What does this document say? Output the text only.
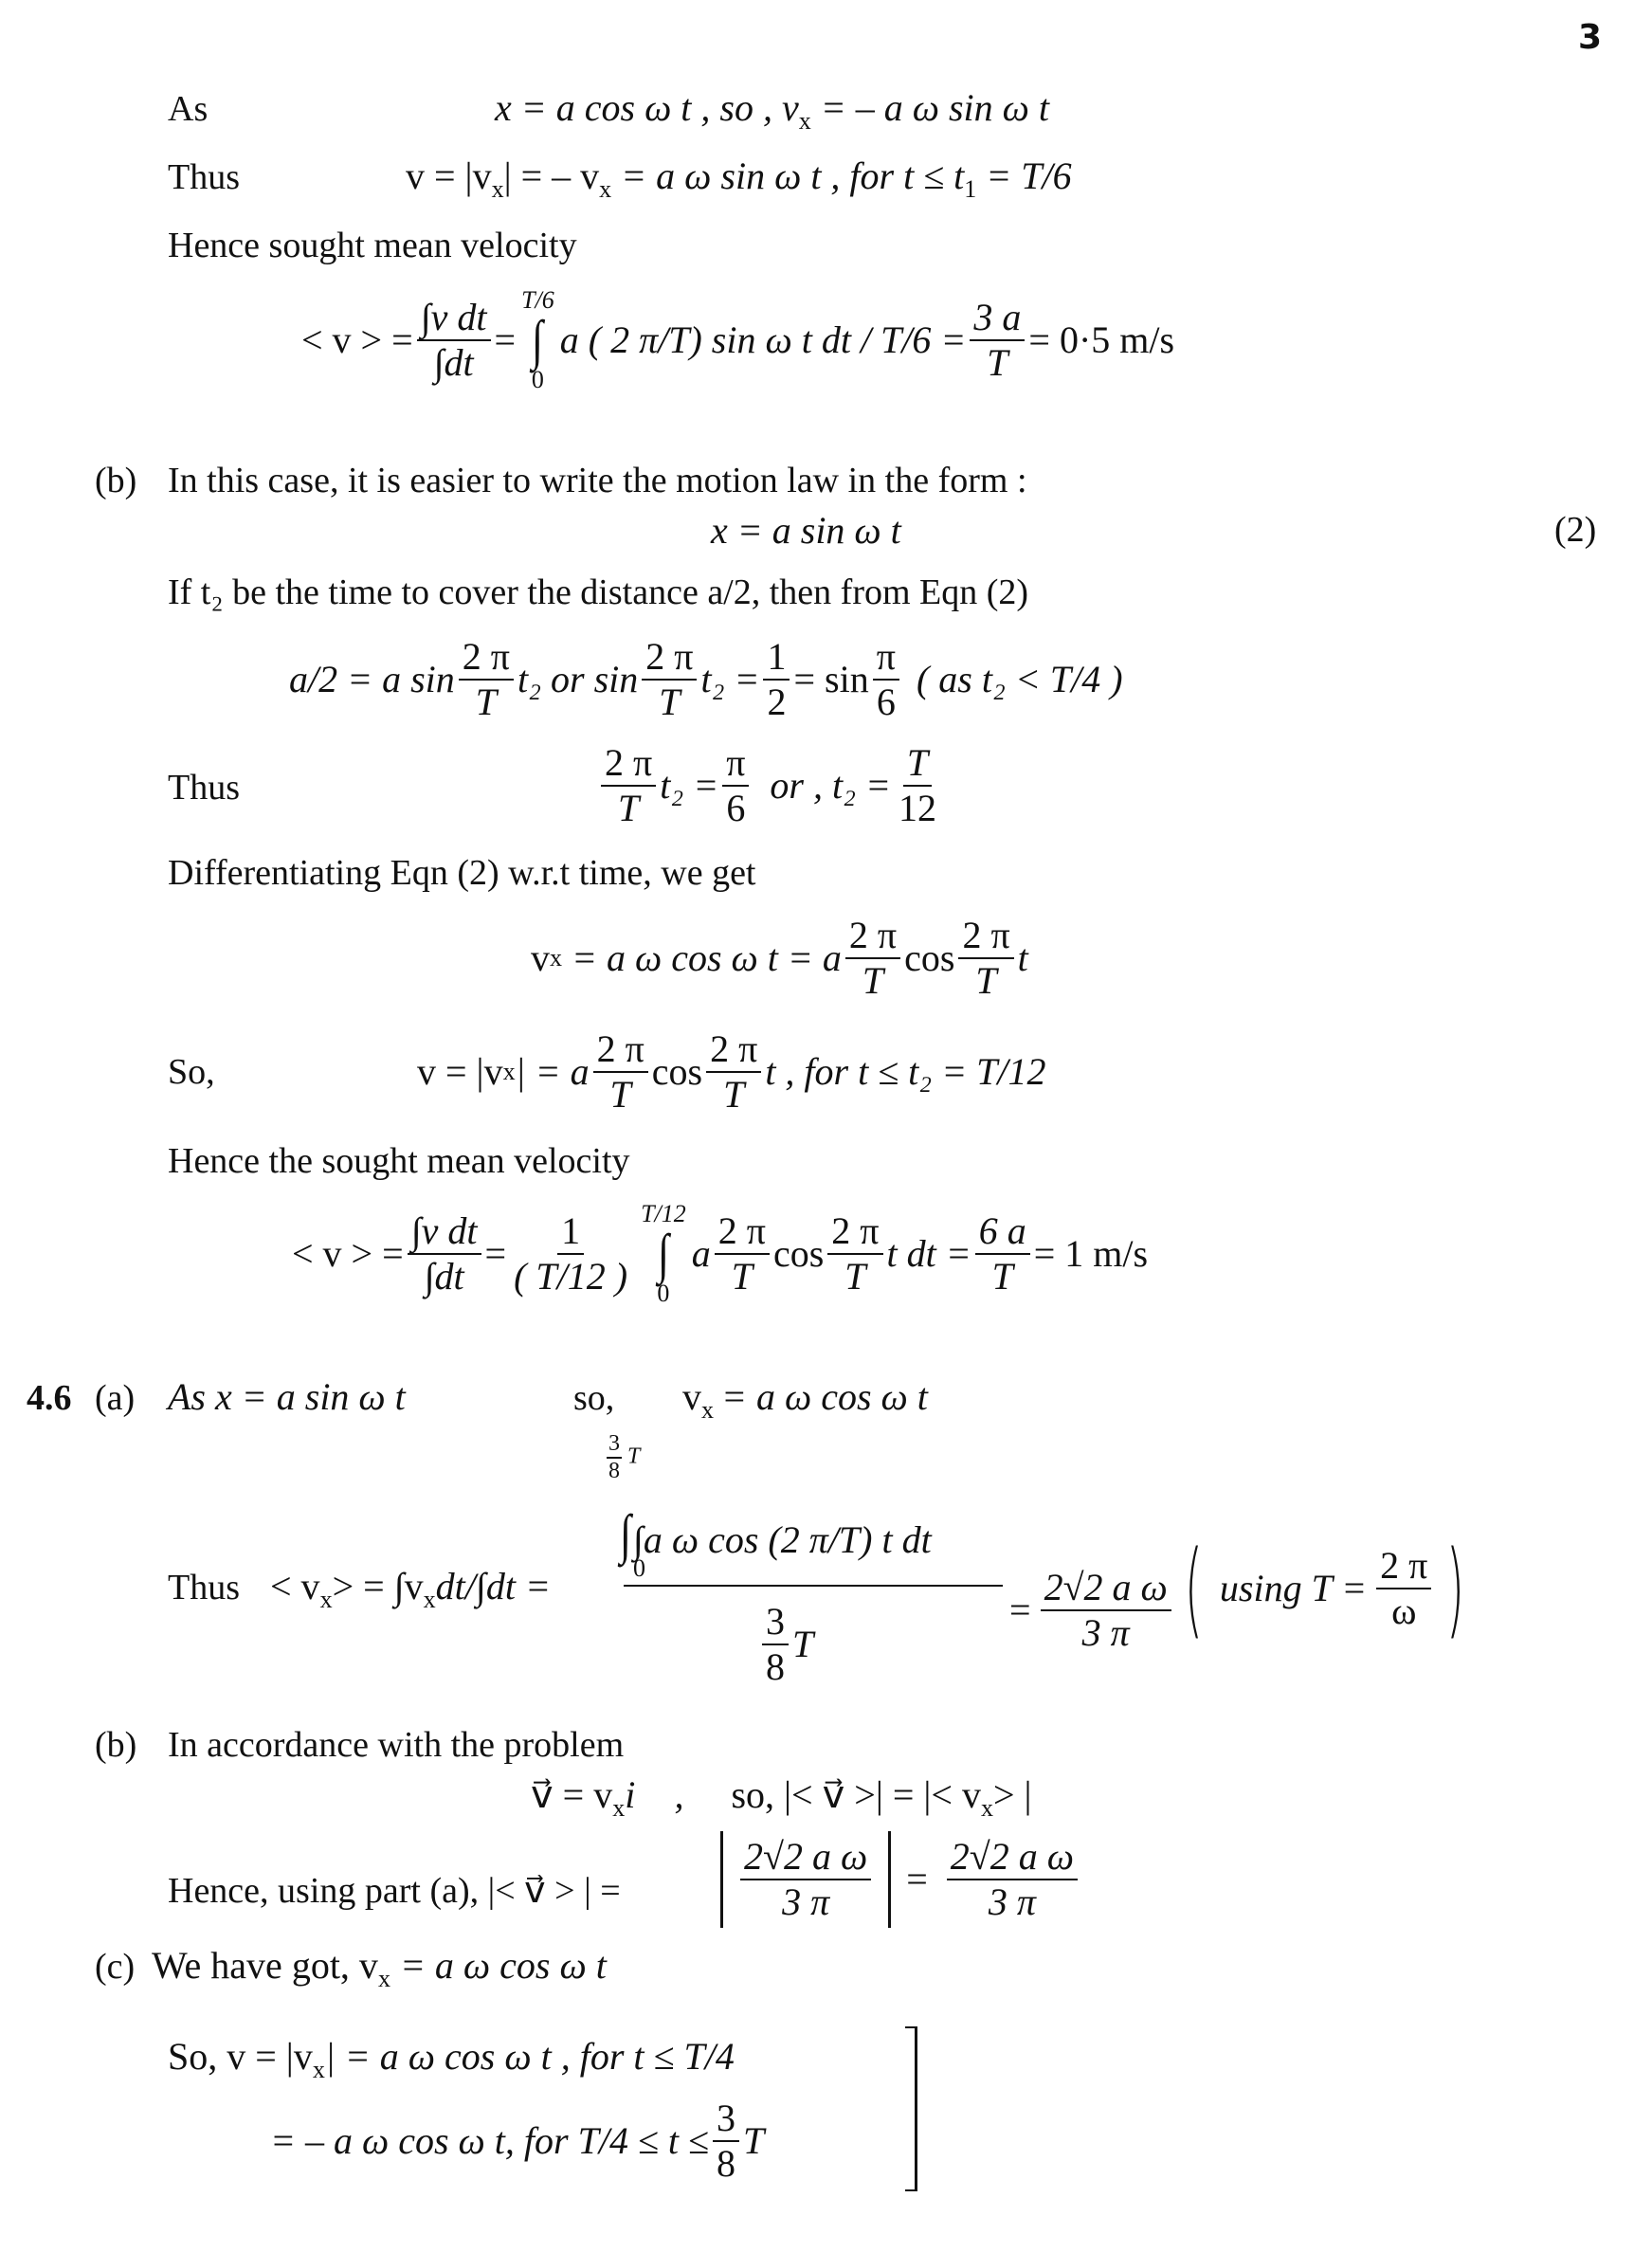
3
As	x = a cos ω t , so , $v_x$ = – a ω sin ω t
Thus	$v = |v_x|$ = – $v_x = a$ ω sin ω t , for $t \le t_1 = T/6$
Hence sought mean velocity
< v > = $\frac{\text{∫v dt}}{\int dt}$ =
T/6
∫
0
a ( 2 π/T) sin ω t dt / $T/6 = \frac{3 a}{T} = 0\cdot 5$ m/s
(b) In this case, it is easier to write the motion law in the form :
x = a sin ω t	(2)
If t₂ be the time to cover the distance a/2, then from Eqn (2)
a/2 = a $\sin \frac{2 \pi}{T} t_2$ or $\sin \frac{2 \pi}{T} t_2 = \frac{1}{2} = \sin \frac{\pi}{6}$ ( as t₂ < T/4 )
Thus	$\frac{2 \pi}{T} t_2 = \frac{\pi}{6}$ or , $t_2 = \frac{T}{12}$
Differentiating Eqn (2) w.r.t time, we get
v x = a ω cos ω t = a $\frac{2 \pi}{T}$ $\cos \frac{2 \pi}{T}$ t
So,	v = |v x | = a $\frac{2 \pi}{T}$ $\cos \frac{2 \pi}{T}$ t , for t ≤ t₂ = T/12
Hence the sought mean velocity
< v > = $\frac{\text{∫v dt}}{\int dt} = \frac{1}{( T/12 )} T/12$
∫
0
a $\frac{2 \pi}{T}$ $\cos \frac{2 \pi}{T}$ t dt = $\frac{6 a}{T} = 1$ m/s
4.6 (a) As x = a sin ω t	so, $v_x = a$ ω cos ω t
Thus < $v_x> = \int v_xdt/\int dt$ =
$\frac{3}{8}$ T
∫∫a ω cos (2 π/T) t dt
0
$\frac{3}{8}$ T
= $\frac{\text{2√2 a ω}}{3 \pi}$ ( using $T = \frac{2 \pi}{\omega}$ )
(b) In accordance with the problem
v⃗ = $v_xi⃗$ , so, |< v⃗ >| = |< $v_x>$ |
Hence, using part (a), |< v⃗ > | =	$\frac{\text{2√2 a ω}}{3 \pi} = \frac{\text{2√2 a ω}}{3 \pi}$
(c) We have got, $v_x = a$ ω cos ω t
So, $v = |v_x| = a$ ω cos ω t , for t ≤ T/4
= – a ω cos ω t, for $T/4 \le t \le \frac{3}{8}$ T
